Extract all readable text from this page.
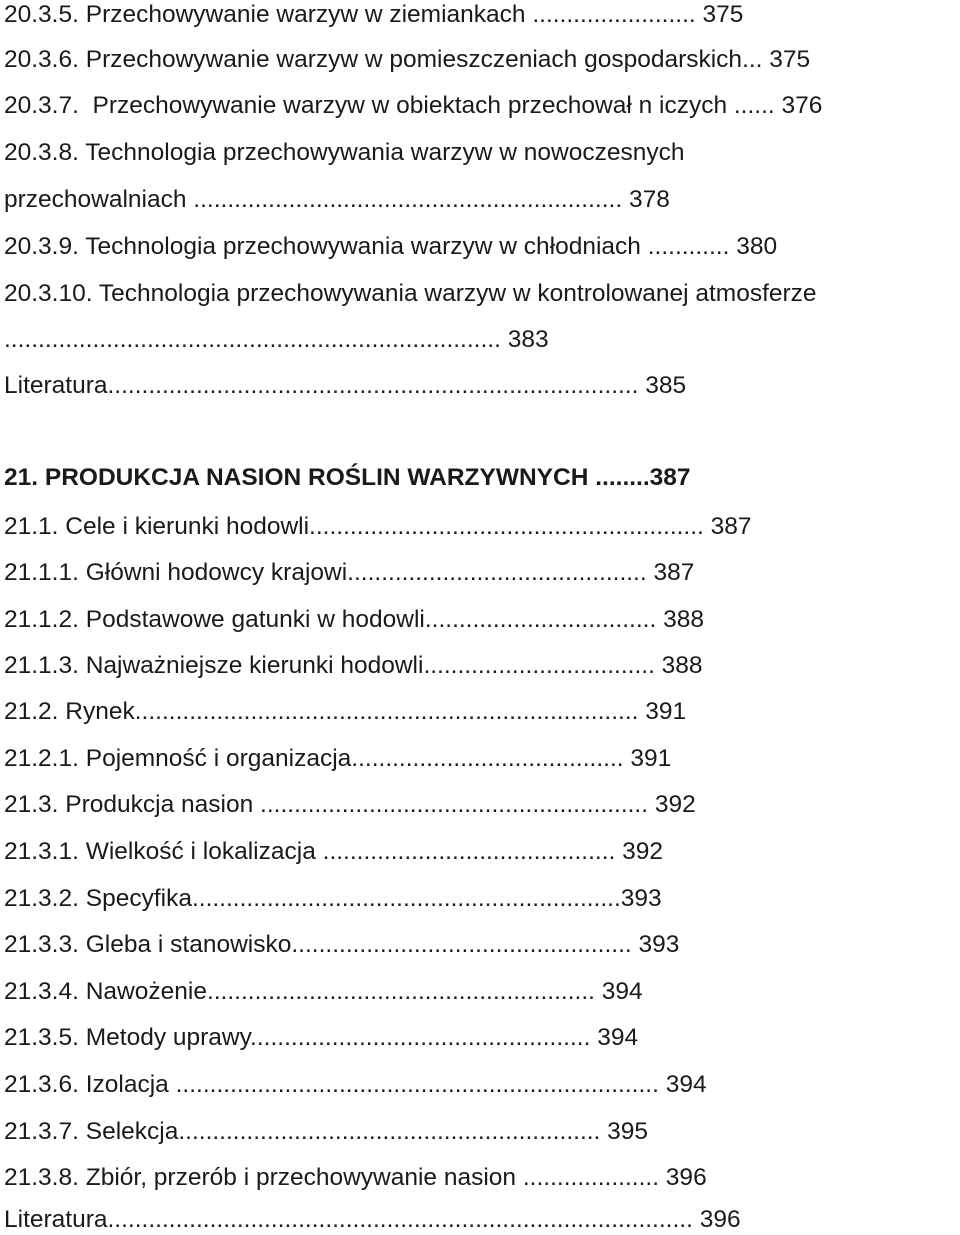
20.3.5. Przechowywanie warzyw w ziemiankach ........................ 375
20.3.6. Przechowywanie warzyw w pomieszczeniach gospodarskich... 375
20.3.7.  Przechowywanie warzyw w obiektach przechował n iczych ...... 376
20.3.8. Technologia przechowywania warzyw w nowoczesnych
przechowalniach ............................................................... 378
20.3.9. Technologia przechowywania warzyw w chłodniach ............ 380
20.3.10. Technologia przechowywania warzyw w kontrolowanej atmosferze
......................................................................... 383
Literatura.............................................................................. 385
21. PRODUKCJA NASION ROŚLIN WARZYWNYCH ........387
21.1. Cele i kierunki hodowli.......................................................... 387
21.1.1. Główni hodowcy krajowi............................................ 387
21.1.2. Podstawowe gatunki w hodowli.................................. 388
21.1.3. Najważniejsze kierunki hodowli.................................. 388
21.2. Rynek.......................................................................... 391
21.2.1. Pojemność i organizacja........................................ 391
21.3. Produkcja nasion ......................................................... 392
21.3.1. Wielkość i lokalizacja ........................................... 392
21.3.2. Specyfika...............................................................393
21.3.3. Gleba i stanowisko.................................................. 393
21.3.4. Nawożenie......................................................... 394
21.3.5. Metody uprawy.................................................. 394
21.3.6. Izolacja ....................................................................... 394
21.3.7. Selekcja.............................................................. 395
21.3.8. Zbiór, przerób i przechowywanie nasion .................... 396
Literatura...................................................................................... 396
